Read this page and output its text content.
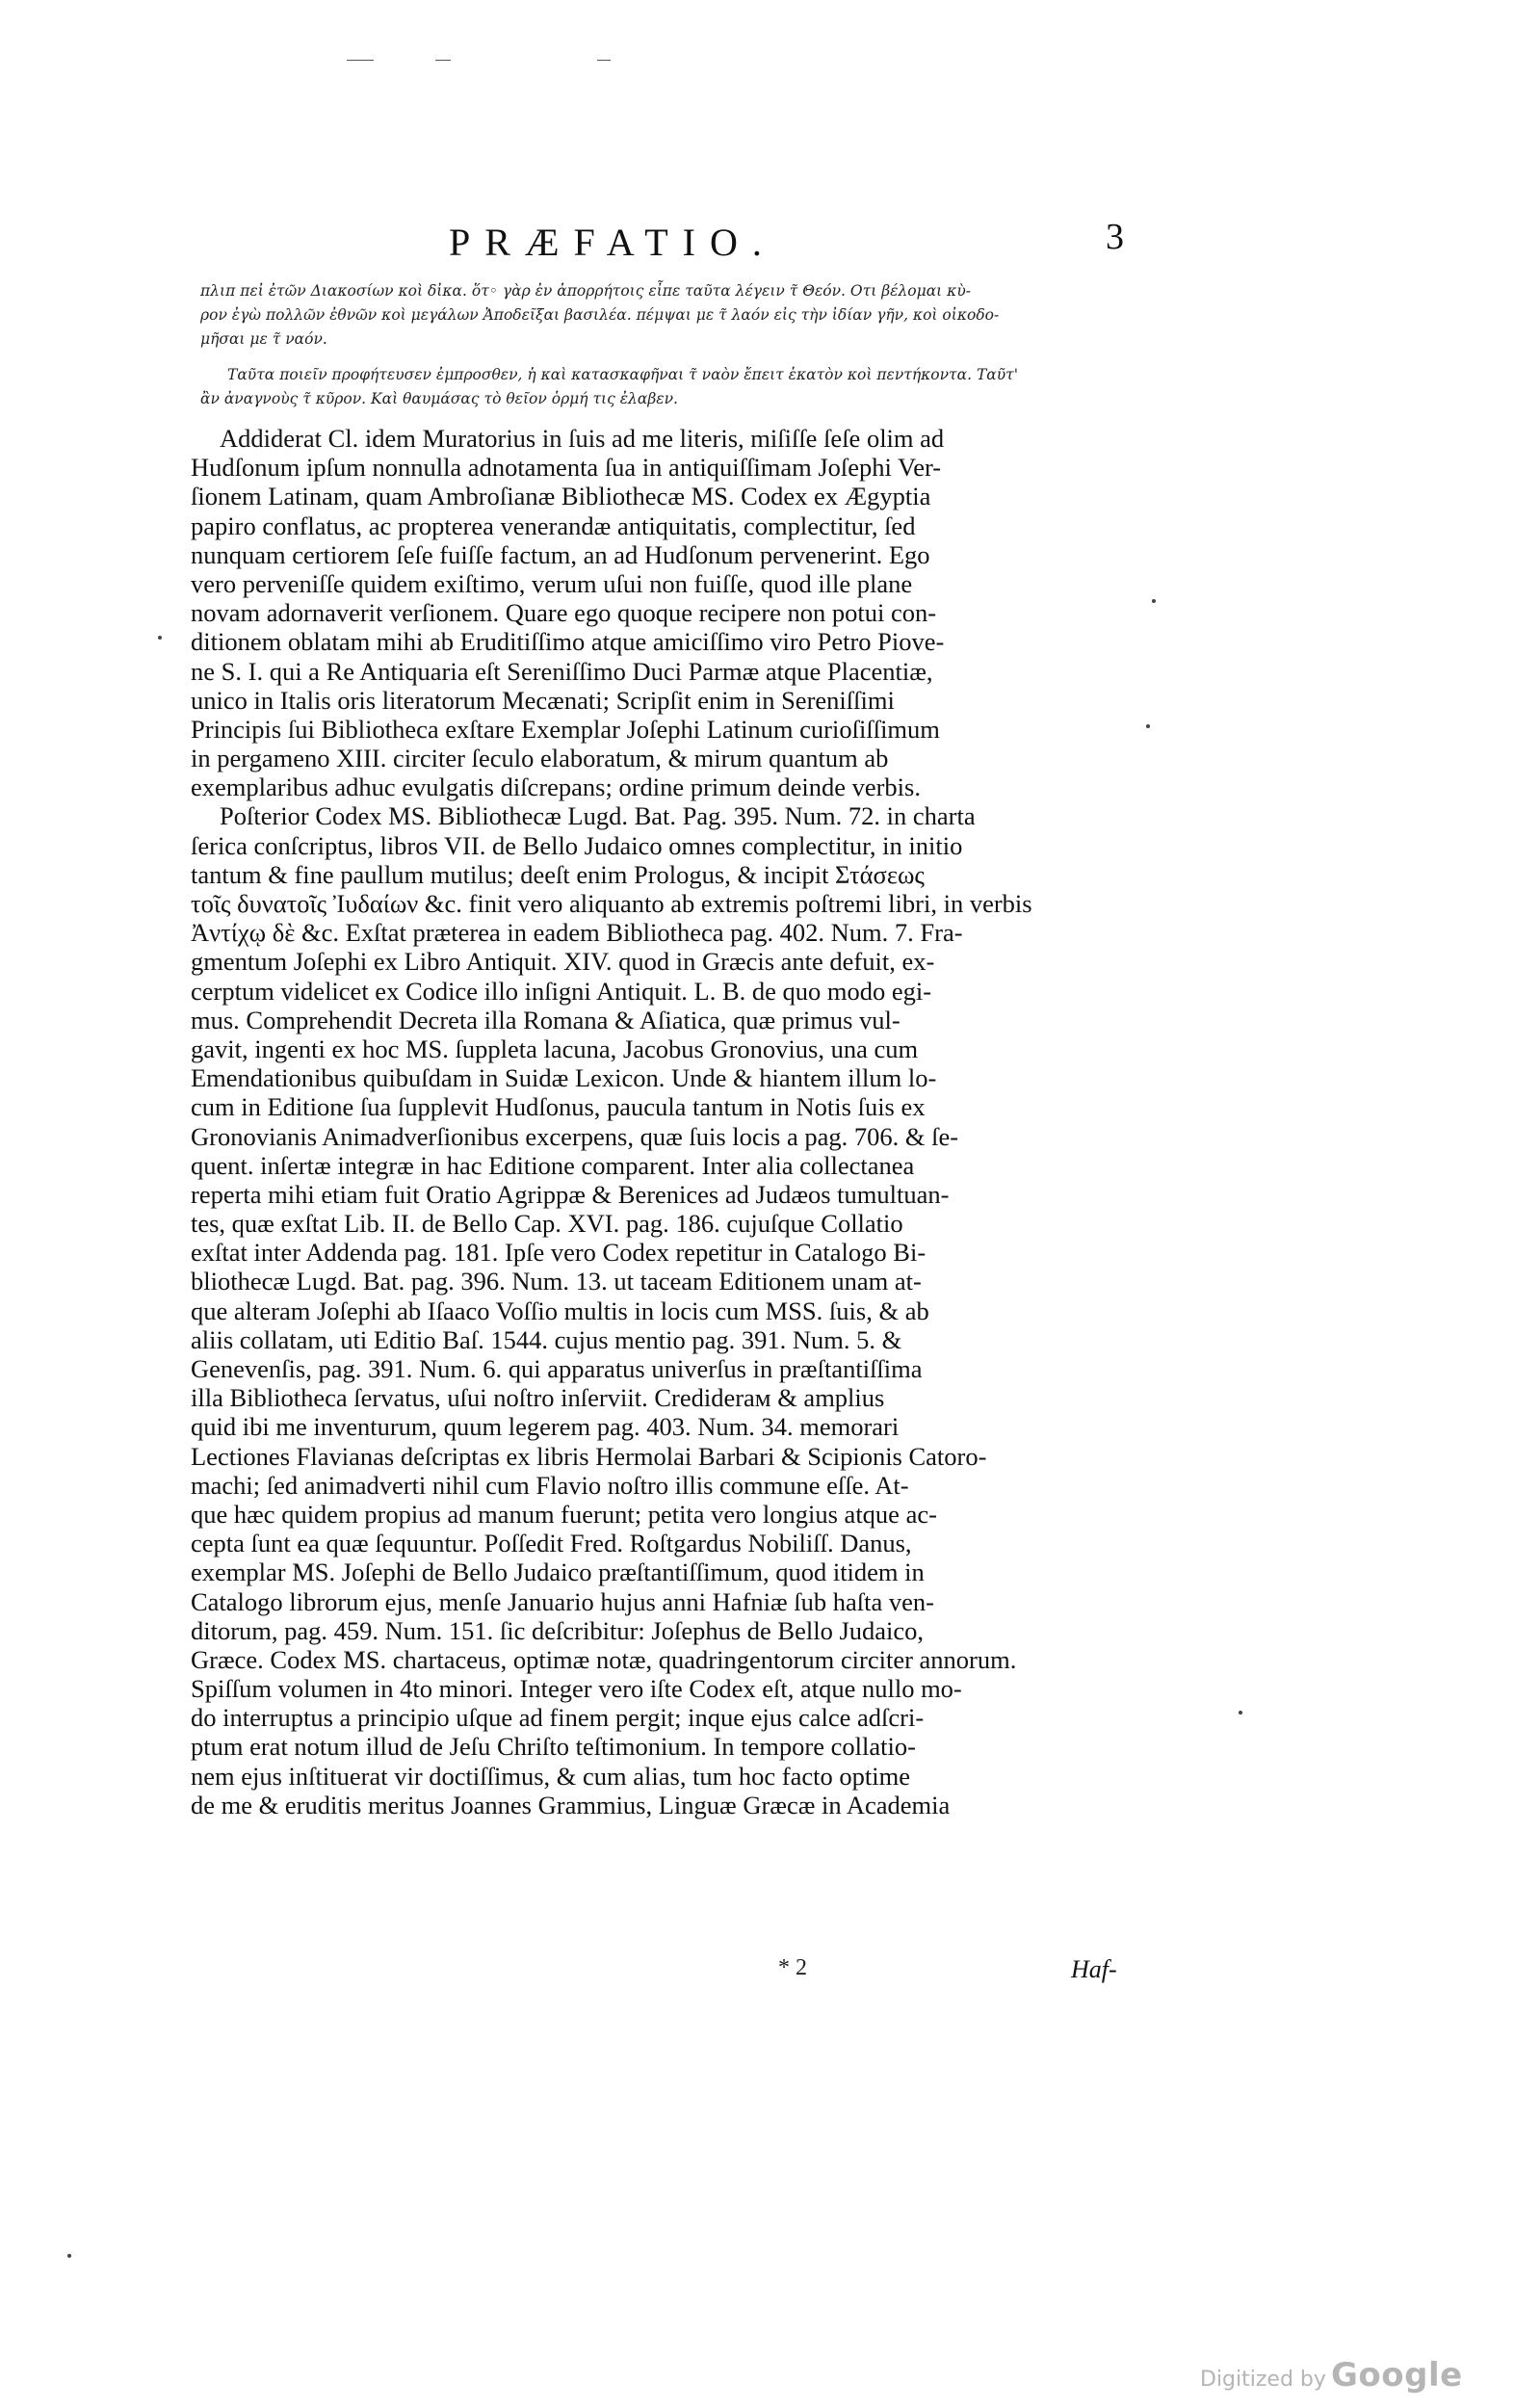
PRÆFATIO.	3
πλιπ πεἰ ἐτῶν Διακοσίων κοὶ δἰκα. ὅτ◦ γὰρ ἐν ἀπορρήτοις εἶπε ταῦτα λέγειν τ̃ Θεόν. Οτι βέλομαι κὺ-
ρον ἐγὼ πολλῶν ἐθνῶν κοὶ μεγάλων Ἀποδεῖξαι βασιλέα. πέμψαι με τ̃ λαόν εἰς τὴν ἰδίαν γῆν, κοὶ οἰκοδο-
μῆσαι με τ̃ ναόν.
Ταῦτα ποιεῖν προφήτευσεν ἐμπροσθεν, ἡ καὶ κατασκαφῆναι τ̃ ναὸν ἔπειτ ἑκατὸν κοὶ πεντήκοντα. Ταῦτ'
ἂν ἀναγνοὺς τ̃ κῦρον. Καὶ θαυμάσας τὸ θεῖον ὁρμή τις ἐλαβεν.
Addiderat Cl. idem Muratorius in ſuis ad me literis, miſiſſe ſeſe olim ad
Hudſonum ipſum nonnulla adnotamenta ſua in antiquiſſimam Joſephi Ver-
ſionem Latinam, quam Ambroſianæ Bibliothecæ MS. Codex ex Ægyptia
papiro conflatus, ac propterea venerandæ antiquitatis, complectitur, ſed
nunquam certiorem ſeſe fuiſſe factum, an ad Hudſonum pervenerint. Ego
vero perveniſſe quidem exiſtimo, verum uſui non fuiſſe, quod ille plane
novam adornaverit verſionem. Quare ego quoque recipere non potui con-
ditionem oblatam mihi ab Eruditiſſimo atque amiciſſimo viro Petro Piove-
ne S. I. qui a Re Antiquaria eſt Sereniſſimo Duci Parmæ atque Placentiæ,
unico in Italis oris literatorum Mecænati; Scripſit enim in Sereniſſimi
Principis ſui Bibliotheca exſtare Exemplar Joſephi Latinum curioſiſſimum
in pergameno XIII. circiter ſeculo elaboratum, & mirum quantum ab
exemplaribus adhuc evulgatis diſcrepans; ordine primum deinde verbis.
Poſterior Codex MS. Bibliothecæ Lugd. Bat. Pag. 395. Num. 72. in charta
ſerica conſcriptus, libros VII. de Bello Judaico omnes complectitur, in initio
tantum & fine paullum mutilus; deeſt enim Prologus, & incipit Στάσεως
τοῖς δυνατοῖς Ἰυδαίων &c. finit vero aliquanto ab extremis poſtremi libri, in verbis
Ἀντίχῳ δὲ &c. Exſtat præterea in eadem Bibliotheca pag. 402. Num. 7. Fra-
gmentum Joſephi ex Libro Antiquit. XIV. quod in Græcis ante defuit, ex-
cerptum videlicet ex Codice illo inſigni Antiquit. L. B. de quo modo egi-
mus. Comprehendit Decreta illa Romana & Aſiatica, quæ primus vul-
gavit, ingenti ex hoc MS. ſuppleta lacuna, Jacobus Gronovius, una cum
Emendationibus quibuſdam in Suidæ Lexicon. Unde & hiantem illum lo-
cum in Editione ſua ſupplevit Hudſonus, paucula tantum in Notis ſuis ex
Gronovianis Animadverſionibus excerpens, quæ ſuis locis a pag. 706. & ſe-
quent. inſertæ integræ in hac Editione comparent. Inter alia collectanea
reperta mihi etiam fuit Oratio Agrippæ & Berenices ad Judæos tumultuan-
tes, quæ exſtat Lib. II. de Bello Cap. XVI. pag. 186. cujuſque Collatio
exſtat inter Addenda pag. 181. Ipſe vero Codex repetitur in Catalogo Bi-
bliothecæ Lugd. Bat. pag. 396. Num. 13. ut taceam Editionem unam at-
que alteram Joſephi ab Iſaaco Voſſio multis in locis cum MSS. ſuis, & ab
aliis collatam, uti Editio Baſ. 1544. cujus mentio pag. 391. Num. 5. &
Genevenſis, pag. 391. Num. 6. qui apparatus univerſus in præſtantiſſima
illa Bibliotheca ſervatus, uſui noſtro inſerviit. Crediderам & amplius
quid ibi me inventurum, quum legerem pag. 403. Num. 34. memorari
Lectiones Flavianas deſcriptas ex libris Hermolai Barbari & Scipionis Catoro-
machi; ſed animadverti nihil cum Flavio noſtro illis commune eſſe. At-
que hæc quidem propius ad manum fuerunt; petita vero longius atque ac-
cepta ſunt ea quæ ſequuntur. Poſſedit Fred. Roſtgardus Nobiliſſ. Danus,
exemplar MS. Joſephi de Bello Judaico præſtantiſſimum, quod itidem in
Catalogo librorum ejus, menſe Januario hujus anni Hafniæ ſub haſta ven-
ditorum, pag. 459. Num. 151. ſic deſcribitur: Joſephus de Bello Judaico,
Græce. Codex MS. chartaceus, optimæ notæ, quadringentorum circiter annorum.
Spiſſum volumen in 4to minori. Integer vero iſte Codex eſt, atque nullo mo-
do interruptus a principio uſque ad finem pergit; inque ejus calce adſcri-
ptum erat notum illud de Jeſu Chriſto teſtimonium. In tempore collatio-
nem ejus inſtituerat vir doctiſſimus, & cum alias, tum hoc facto optime
de me & eruditis meritus Joannes Grammius, Linguæ Græcæ in Academia
* 2	Haf-
Digitized by Google
